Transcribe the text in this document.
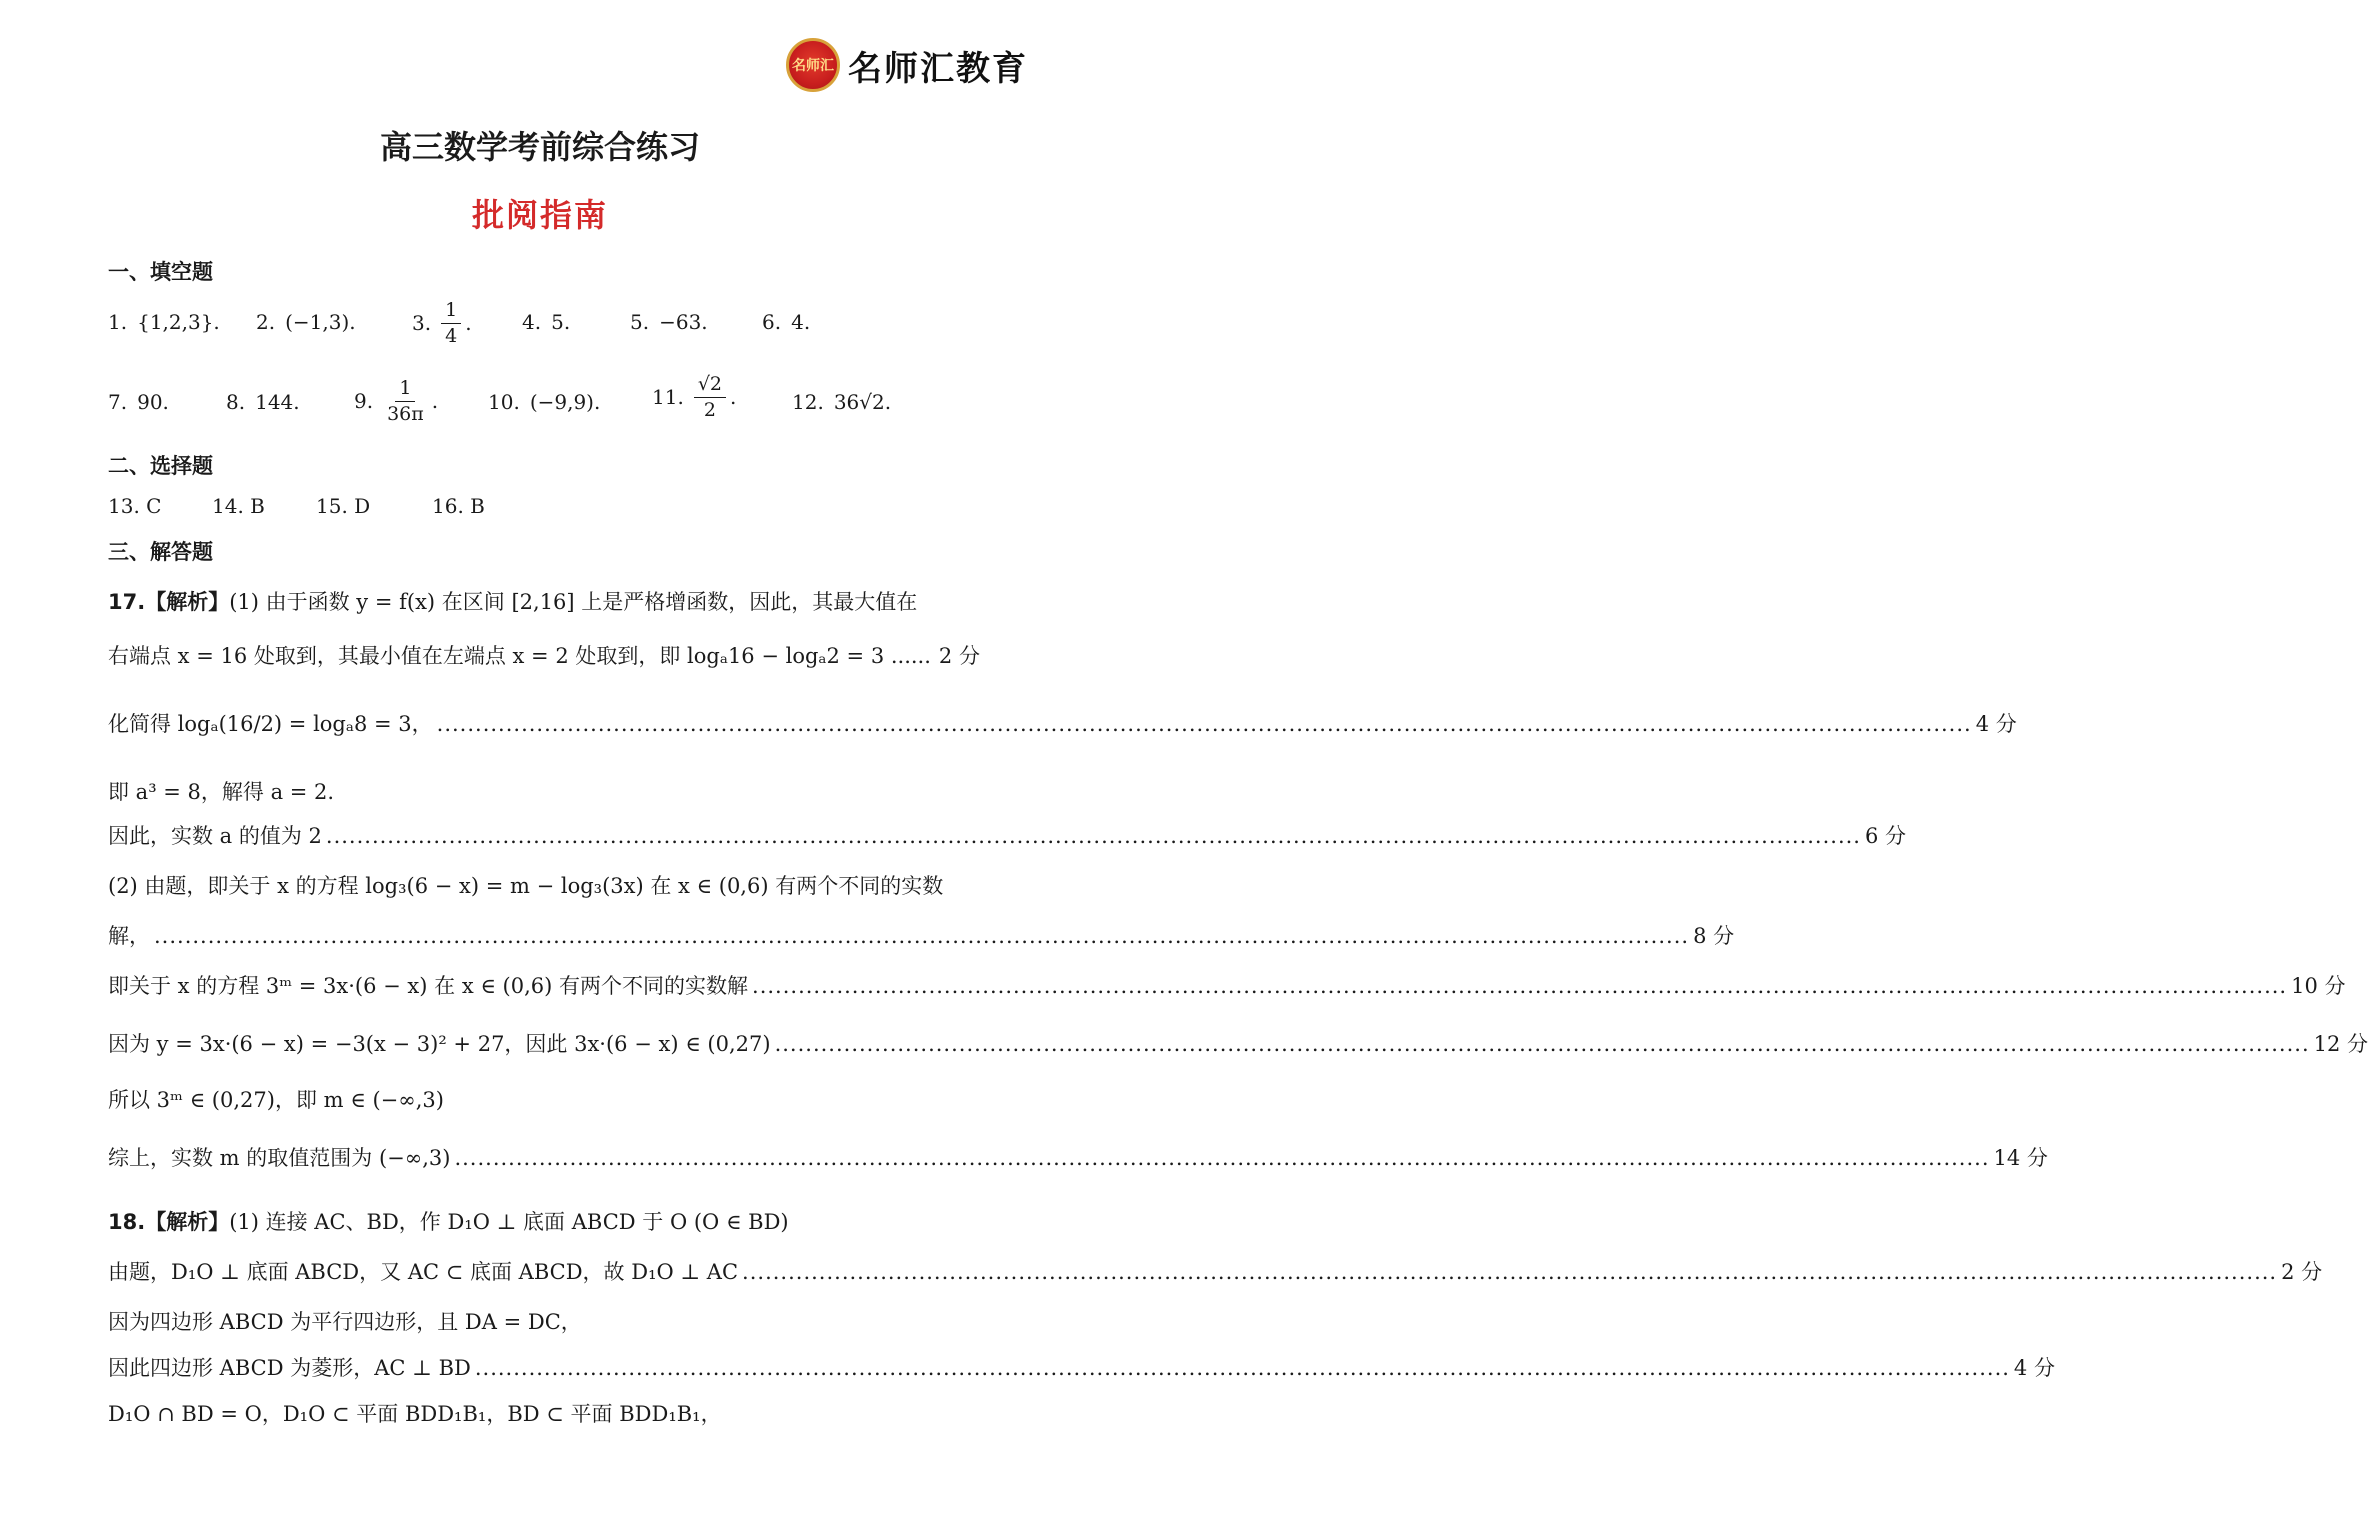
名师汇 名师汇教育
高三数学考前综合练习
批阅指南
一、填空题
1. {1,2,3}. 2. (−1,3).	3. $\frac{1}{4}$ .	4. 5.	5. −63.	6. 4.
7. 90.	8. 144.	9. $\frac{1}{36\pi}$ . 10. (−9,9).	11. $\frac{√2}{2}$ .	12. 36√2.
二、选择题
13. C	14. B	15. D	16. B
三、解答题
17.【解析】 (1) 由于函数 y = f(x) 在区间 [2,16] 上是严格增函数，因此，其最大值在
右端点 x = 16 处取到，其最小值在左端点 x = 2 处取到，即 logₐ16 − logₐ2 = 3 ...... 2 分
化简得 logₐ(16/2) = logₐ8 = 3， ........................................................................................................................................................................................................ 4 分
即 a³ = 8，解得 a = 2.
因此，实数 a 的值为 2 ........................................................................................................................................................................................................ 6 分
(2) 由题，即关于 x 的方程 log₃(6 − x) = m − log₃(3x) 在 x ∈ (0,6) 有两个不同的实数
解， ........................................................................................................................................................................................................ 8 分
即关于 x 的方程 3ᵐ = 3x·(6 − x) 在 x ∈ (0,6) 有两个不同的实数解 ........................................................................................................................................................................................................ 10 分
因为 y = 3x·(6 − x) = −3(x − 3)² + 27，因此 3x·(6 − x) ∈ (0,27) ........................................................................................................................................................................................................ 12 分
所以 3ᵐ ∈ (0,27)，即 m ∈ (−∞,3)
综上，实数 m 的取值范围为 (−∞,3) ........................................................................................................................................................................................................ 14 分
18.【解析】 (1) 连接 AC、BD，作 D₁O ⊥ 底面 ABCD 于 O (O ∈ BD)
由题，D₁O ⊥ 底面 ABCD，又 AC ⊂ 底面 ABCD，故 D₁O ⊥ AC ........................................................................................................................................................................................................ 2 分
因为四边形 ABCD 为平行四边形，且 DA = DC，
因此四边形 ABCD 为菱形，AC ⊥ BD ........................................................................................................................................................................................................ 4 分
D₁O ∩ BD = O，D₁O ⊂ 平面 BDD₁B₁，BD ⊂ 平面 BDD₁B₁，
